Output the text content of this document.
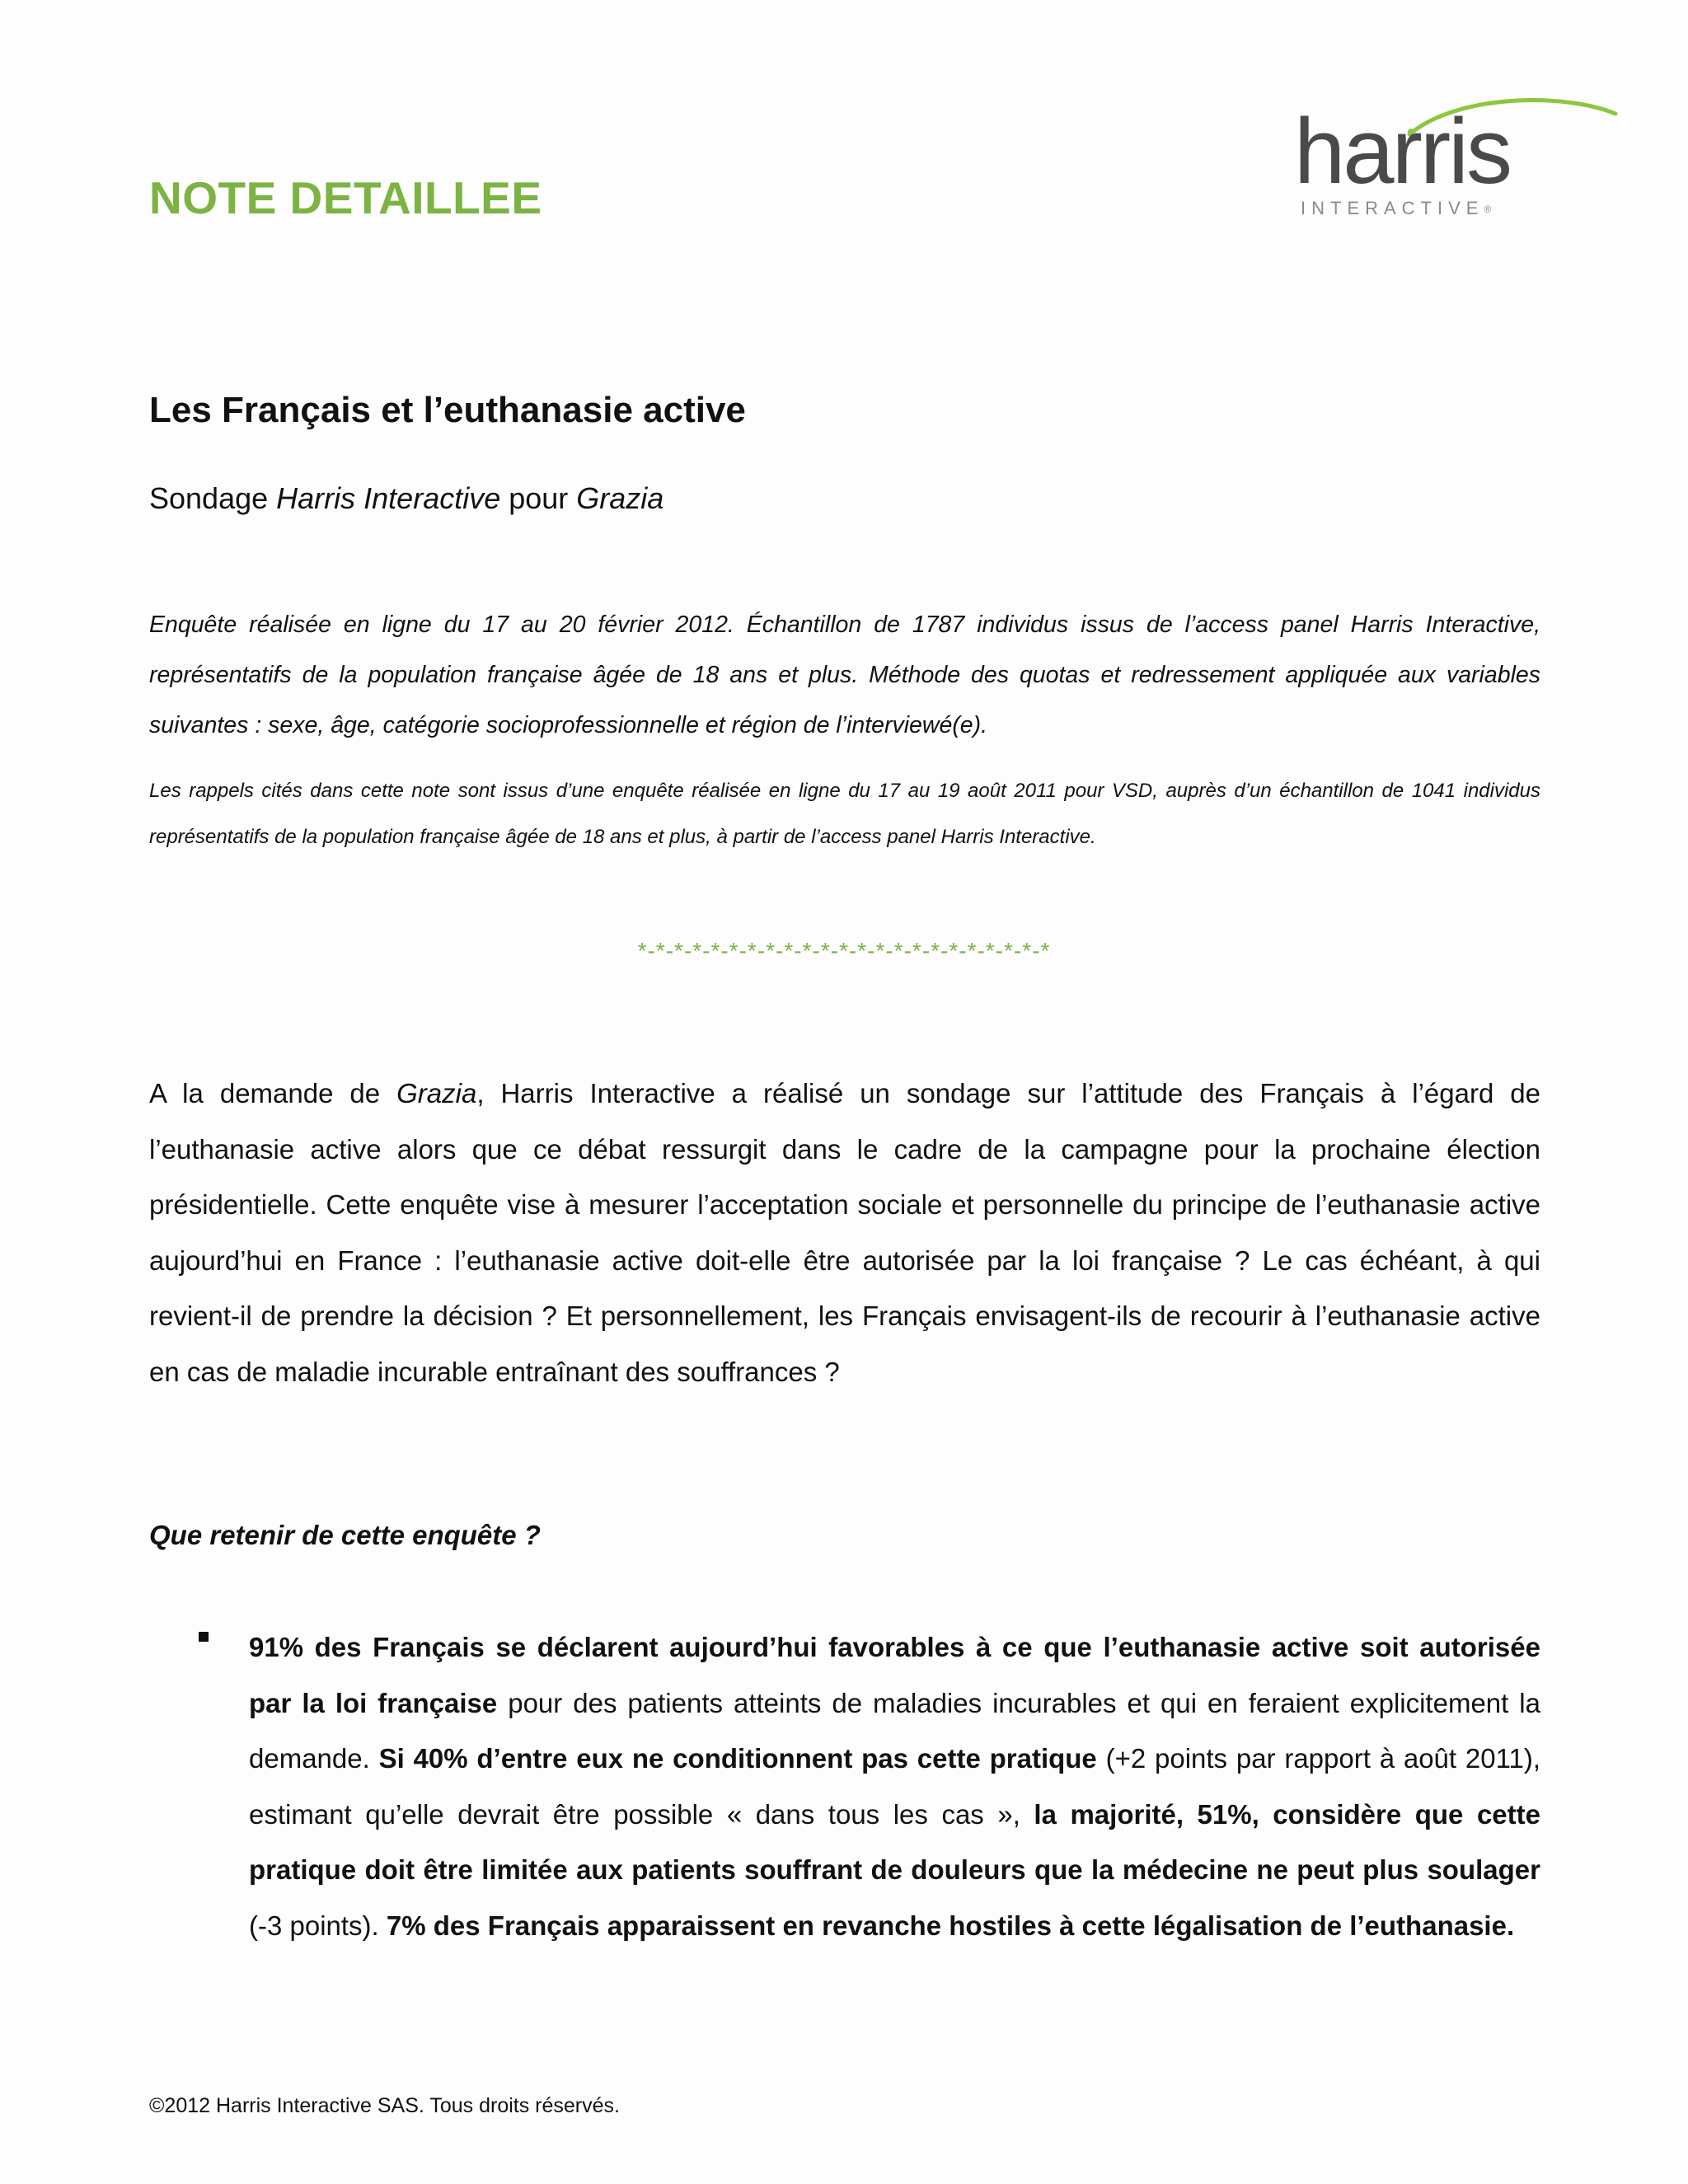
NOTE DETAILLEE	harris
INTERACTIVE®
Les Français et l’euthanasie active
Sondage Harris Interactive pour Grazia
Enquête réalisée en ligne du 17 au 20 février 2012. Échantillon de 1787 individus issus de l’access panel Harris Interactive, représentatifs de la population française âgée de 18 ans et plus. Méthode des quotas et redressement appliquée aux variables suivantes : sexe, âge, catégorie socioprofessionnelle et région de l’interviewé(e).
Les rappels cités dans cette note sont issus d’une enquête réalisée en ligne du 17 au 19 août 2011 pour VSD, auprès d’un échantillon de 1041 individus représentatifs de la population française âgée de 18 ans et plus, à partir de l’access panel Harris Interactive.
*-*-*-*-*-*-*-*-*-*-*-*-*-*-*-*-*-*-*-*-*-*-*
A la demande de Grazia, Harris Interactive a réalisé un sondage sur l’attitude des Français à l’égard de l’euthanasie active alors que ce débat ressurgit dans le cadre de la campagne pour la prochaine élection présidentielle. Cette enquête vise à mesurer l’acceptation sociale et personnelle du principe de l’euthanasie active aujourd’hui en France : l’euthanasie active doit-elle être autorisée par la loi française ? Le cas échéant, à qui revient-il de prendre la décision ? Et personnellement, les Français envisagent-ils de recourir à l’euthanasie active en cas de maladie incurable entraînant des souffrances ?
Que retenir de cette enquête ?
91% des Français se déclarent aujourd’hui favorables à ce que l’euthanasie active soit autorisée par la loi française pour des patients atteints de maladies incurables et qui en feraient explicitement la demande. Si 40% d’entre eux ne conditionnent pas cette pratique (+2 points par rapport à août 2011), estimant qu’elle devrait être possible « dans tous les cas », la majorité, 51%, considère que cette pratique doit être limitée aux patients souffrant de douleurs que la médecine ne peut plus soulager (-3 points). 7% des Français apparaissent en revanche hostiles à cette légalisation de l’euthanasie.
©2012 Harris Interactive SAS. Tous droits réservés.
